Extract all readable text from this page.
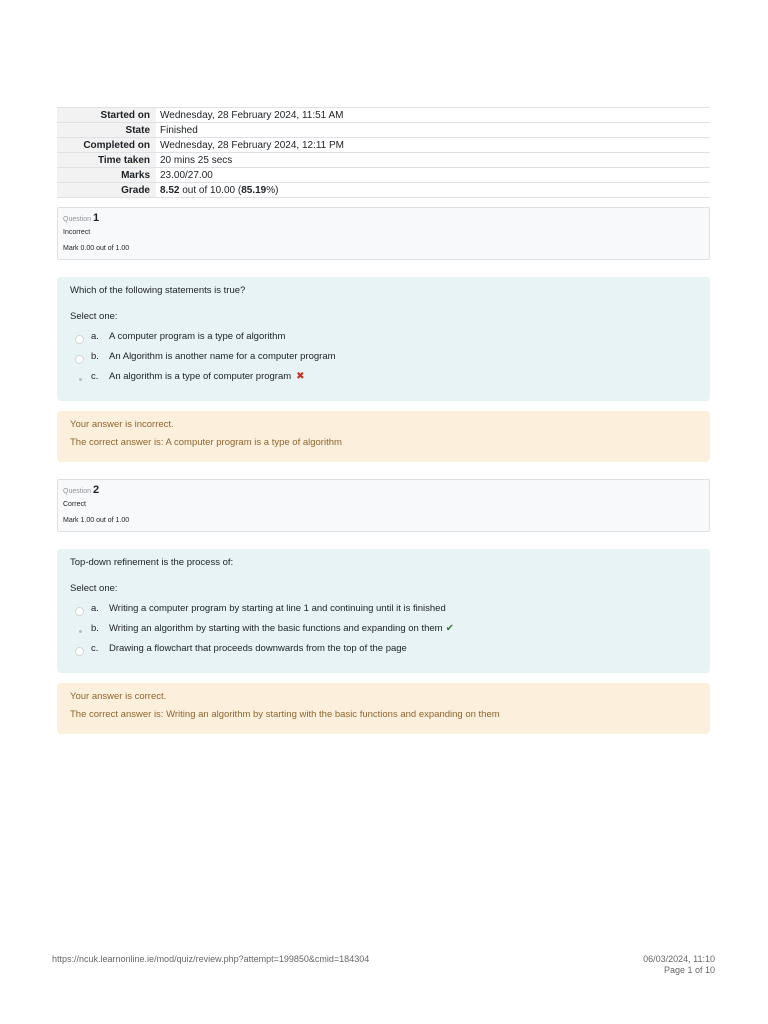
Started on	Wednesday, 28 February 2024, 11:51 AM
State	Finished
Completed on	Wednesday, 28 February 2024, 12:11 PM
Time taken	20 mins 25 secs
Marks	23.00/27.00
Grade	8.52 out of 10.00 (85.19%)
Question 1
Incorrect
Mark 0.00 out of 1.00
Which of the following statements is true?
Select one:
a.	A computer program is a type of algorithm
b.	An Algorithm is another name for a computer program
c.	An algorithm is a type of computer program ✖
Your answer is incorrect.
The correct answer is: A computer program is a type of algorithm
Question 2
Correct
Mark 1.00 out of 1.00
Top-down refinement is the process of:
Select one:
a.	Writing a computer program by starting at line 1 and continuing until it is finished
b.	Writing an algorithm by starting with the basic functions and expanding on them ✔
c.	Drawing a flowchart that proceeds downwards from the top of the page
Your answer is correct.
The correct answer is: Writing an algorithm by starting with the basic functions and expanding on them
https://ncuk.learnonline.ie/mod/quiz/review.php?attempt=199850&cmid=184304	06/03/2024, 11:10
Page 1 of 10
